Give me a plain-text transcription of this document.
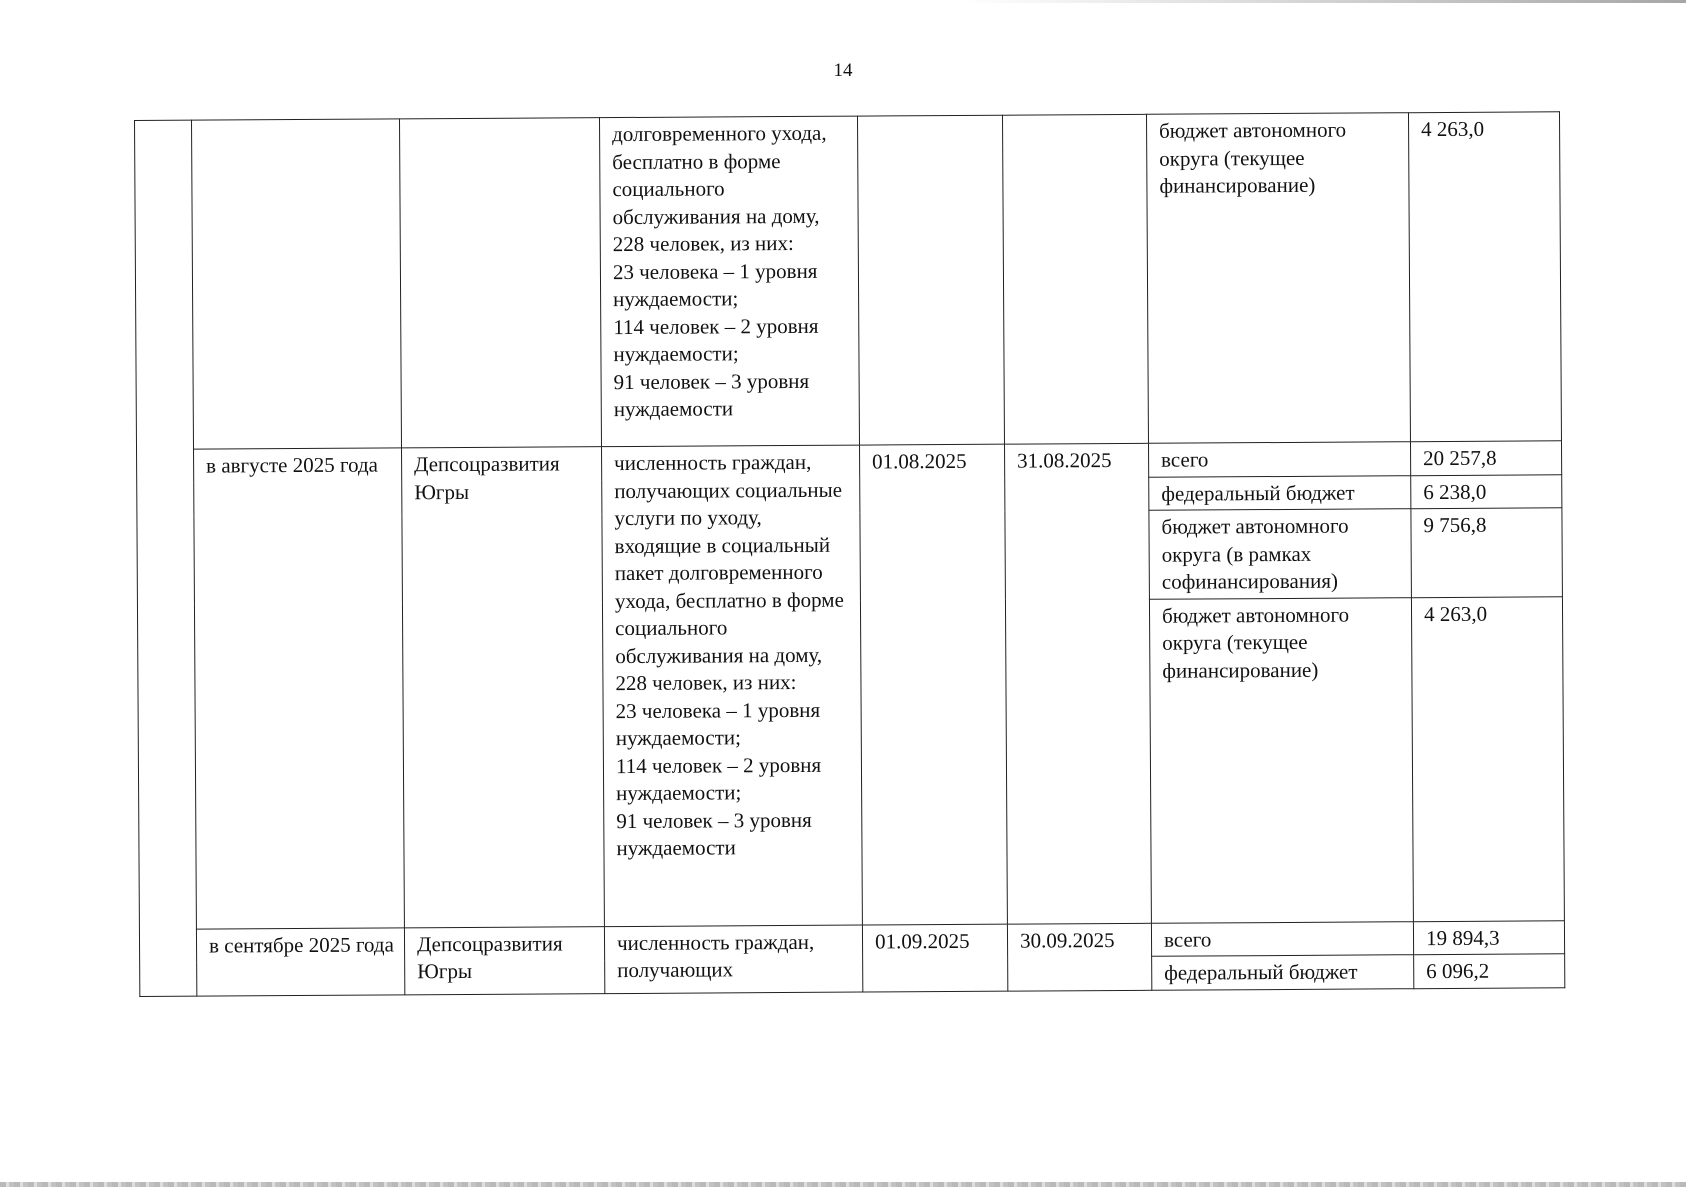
14

			долговременного ухода, бесплатно в форме социального обслуживания на дому,
228 человек, из них:
23 человека – 1 уровня нуждаемости;
114 человек – 2 уровня нуждаемости;
91 человек – 3 уровня нуждаемости			бюджет автономного округа (текущее финансирование)	4 263,0
	в августе 2025 года	Депсоцразвития Югры	численность граждан, получающих социальные услуги по уходу, входящие в социальный пакет долговременного ухода, бесплатно в форме социального обслуживания на дому,
228 человек, из них:
23 человека – 1 уровня нуждаемости;
114 человек – 2 уровня нуждаемости;
91 человек – 3 уровня нуждаемости	01.08.2025	31.08.2025	всего	20 257,8
						федеральный бюджет	6 238,0
						бюджет автономного округа (в рамках софинансирования)	9 756,8
						бюджет автономного округа (текущее финансирование)	4 263,0
	в сентябре 2025 года	Депсоцразвития Югры	численность граждан, получающих	01.09.2025	30.09.2025	всего	19 894,3
						федеральный бюджет	6 096,2
